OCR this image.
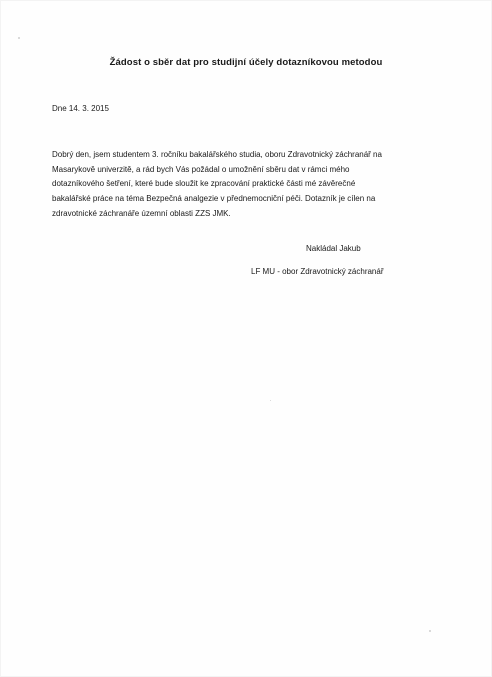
Žádost o sběr dat pro studijní účely dotazníkovou metodou
Dne 14. 3. 2015
Dobrý den, jsem studentem 3. ročníku bakalářského studia, oboru Zdravotnický záchranář na
Masarykově univerzitě, a rád bych Vás požádal o umožnění sběru dat v rámci mého
dotazníkového šetření, které bude sloužit ke zpracování praktické části mé závěrečné
bakalářské práce na téma Bezpečná analgezie v přednemocniční péči. Dotazník je cílen na
zdravotnické záchranáře územní oblasti ZZS JMK.
Nakládal Jakub
LF MU - obor Zdravotnický záchranář
